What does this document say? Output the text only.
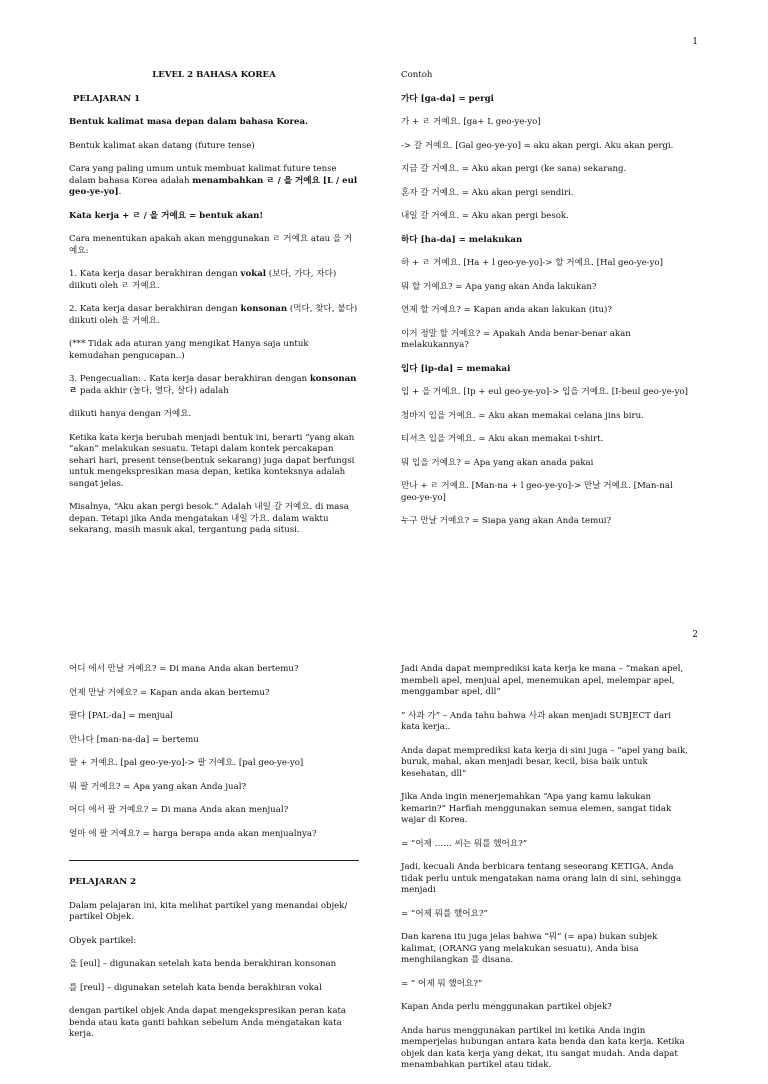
1

LEVEL 2 BAHASA KOREA

PELAJARAN 1

Bentuk kalimat masa depan dalam bahasa Korea.

Bentuk kalimat akan datang (future tense)

Cara yang paling umum untuk membuat kalimat future tense dalam bahasa Korea adalah menambahkan ㄹ / 을 거예요 [L / eul geo-ye-yo].

Kata kerja + ㄹ / 을 거예요 = bentuk akan!

Cara menentukan apakah akan menggunakan ㄹ 거예요 atau 을 거예요:

1. Kata kerja dasar berakhiran dengan vokal (보다, 가다, 자다) diikuti oleh ㄹ 거예요.

2. Kata kerja dasar berakhiran dengan konsonan (먹다, 찾다, 붙다) diikuti oleh 을 거예요.

(*** Tidak ada aturan yang mengikat Hanya saja untuk kemudahan pengucapan..)

3. Pengecualian: . Kata kerja dasar berakhiran dengan konsonan ㄹ pada akhir (놀다, 열다, 살다) adalah

diikuti hanya dengan 거예요.

Ketika kata kerja berubah menjadi bentuk ini, berarti “yang akan “akan” melakukan sesuatu. Tetapi dalam kontek percakapan sehari hari, present tense(bentuk sekarang) juga dapat berfungsi untuk mengekspresikan masa depan, ketika konteksnya adalah sangat jelas.

Misalnya, “Aku akan pergi besok.” Adalah 내일 갈 거예요. di masa depan. Tetapi jika Anda mengatakan 내일 가요. dalam waktu sekarang, masih masuk akal, tergantung pada situsi.

Contoh

가다 [ga-da] = pergi

가 + ㄹ 거예요. [ga+ L geo-ye-yo]

-> 갈 거예요. [Gal geo-ye-yo] = aku akan pergi. Aku akan pergi.

지금 갈 거예요. = Aku akan pergi (ke sana) sekarang.

혼자 갈 거예요. = Aku akan pergi sendiri.

내일 갈 거예요. = Aku akan pergi besok.

하다 [ha-da] = melakukan

하 + ㄹ 거예요. [Ha + l geo-ye-yo]-> 할 거예요. [Hal geo-ye-yo]

뭐 할 거예요? = Apa yang akan Anda lakukan?

언제 할 거예요? = Kapan anda akan lakukan (itu)?

이거 정말 할 거예요? = Apakah Anda benar-benar akan melakukannya?

입다 [ip-da] = memakai

입 + 을 거예요. [Ip + eul geo-ye-yo]-> 입을 거예요. [I-beul geo-ye-yo]

청바지 입을 거예요. = Aku akan memakai celana jins biru.

티셔츠 입을 거예요. = Aku akan memakai t-shirt.

뭐 입을 거예요? = Apa yang akan anada pakai

만나 + ㄹ 거예요. [Man-na + l geo-ye-yo]-> 만날 거예요. [Man-nal geo-ye-yo]

누구 만날 거예요? = Siapa yang akan Anda temui?

2

어디 에서 만날 거예요? = Di mana Anda akan bertemu?

언제 만날 거예요? = Kapan anda akan bertemu?

팔다 [PAL-da] = menjual

만나다 [man-na-da] = bertemu

팔 + 거예요. [pal geo-ye-yo]-> 팔 거예요. [pal geo-ye-yo]

뭐 팔 거예요? = Apa yang akan Anda jual?

어디 에서 팔 거예요? = Di mana Anda akan menjual?

얼마 에 팔 거예요? = harga berapa anda akan menjualnya?

PELAJARAN 2

Dalam pelajaran ini, kita melihat partikel yang menandai objek/ partikel Objek.

Obyek partikel:

을 [eul] – digunakan setelah kata benda berakhiran konsonan

를 [reul] – digunakan setelah kata benda berakhiran vokal

dengan partikel objek Anda dapat mengekspresikan peran kata benda atau kata ganti bahkan sebelum Anda mengatakan kata kerja.

Jadi Anda dapat memprediksi kata kerja ke mana – “makan apel, membeli apel, menjual apel, menemukan apel, melempar apel, menggambar apel, dll”

” 사과 가” – Anda tahu bahwa 사과 akan menjadi SUBJECT dari kata kerja..

Anda dapat memprediksi kata kerja di sini juga – “apel yang baik, buruk, mahal, akan menjadi besar, kecil, bisa baik untuk kesehatan, dll”

Jika Anda ingin menerjemahkan “Apa yang kamu lakukan kemarin?” Harfiah menggunakan semua elemen, sangat tidak wajar di Korea.

= “어제 …… 씨는 뭐를 했어요?”

Jadi, kecuali Anda berbicara tentang seseorang KETIGA, Anda tidak perlu untuk mengatakan nama orang lain di sini, sehingga menjadi

= “어제 뭐를 했어요?”

Dan karena itu juga jelas bahwa “뭐” (= apa) bukan subjek kalimat, (ORANG yang melakukan sesuatu), Anda bisa menghilangkan 를 disana.

= ” 어제 뭐 했어요?”

Kapan Anda perlu menggunakan partikel objek?

Anda harus menggunakan partikel ini ketika Anda ingin memperjelas hubungan antara kata benda dan kata kerja. Ketika objek dan kata kerja yang dekat, itu sangat mudah. Anda dapat menambahkan partikel atau tidak.
